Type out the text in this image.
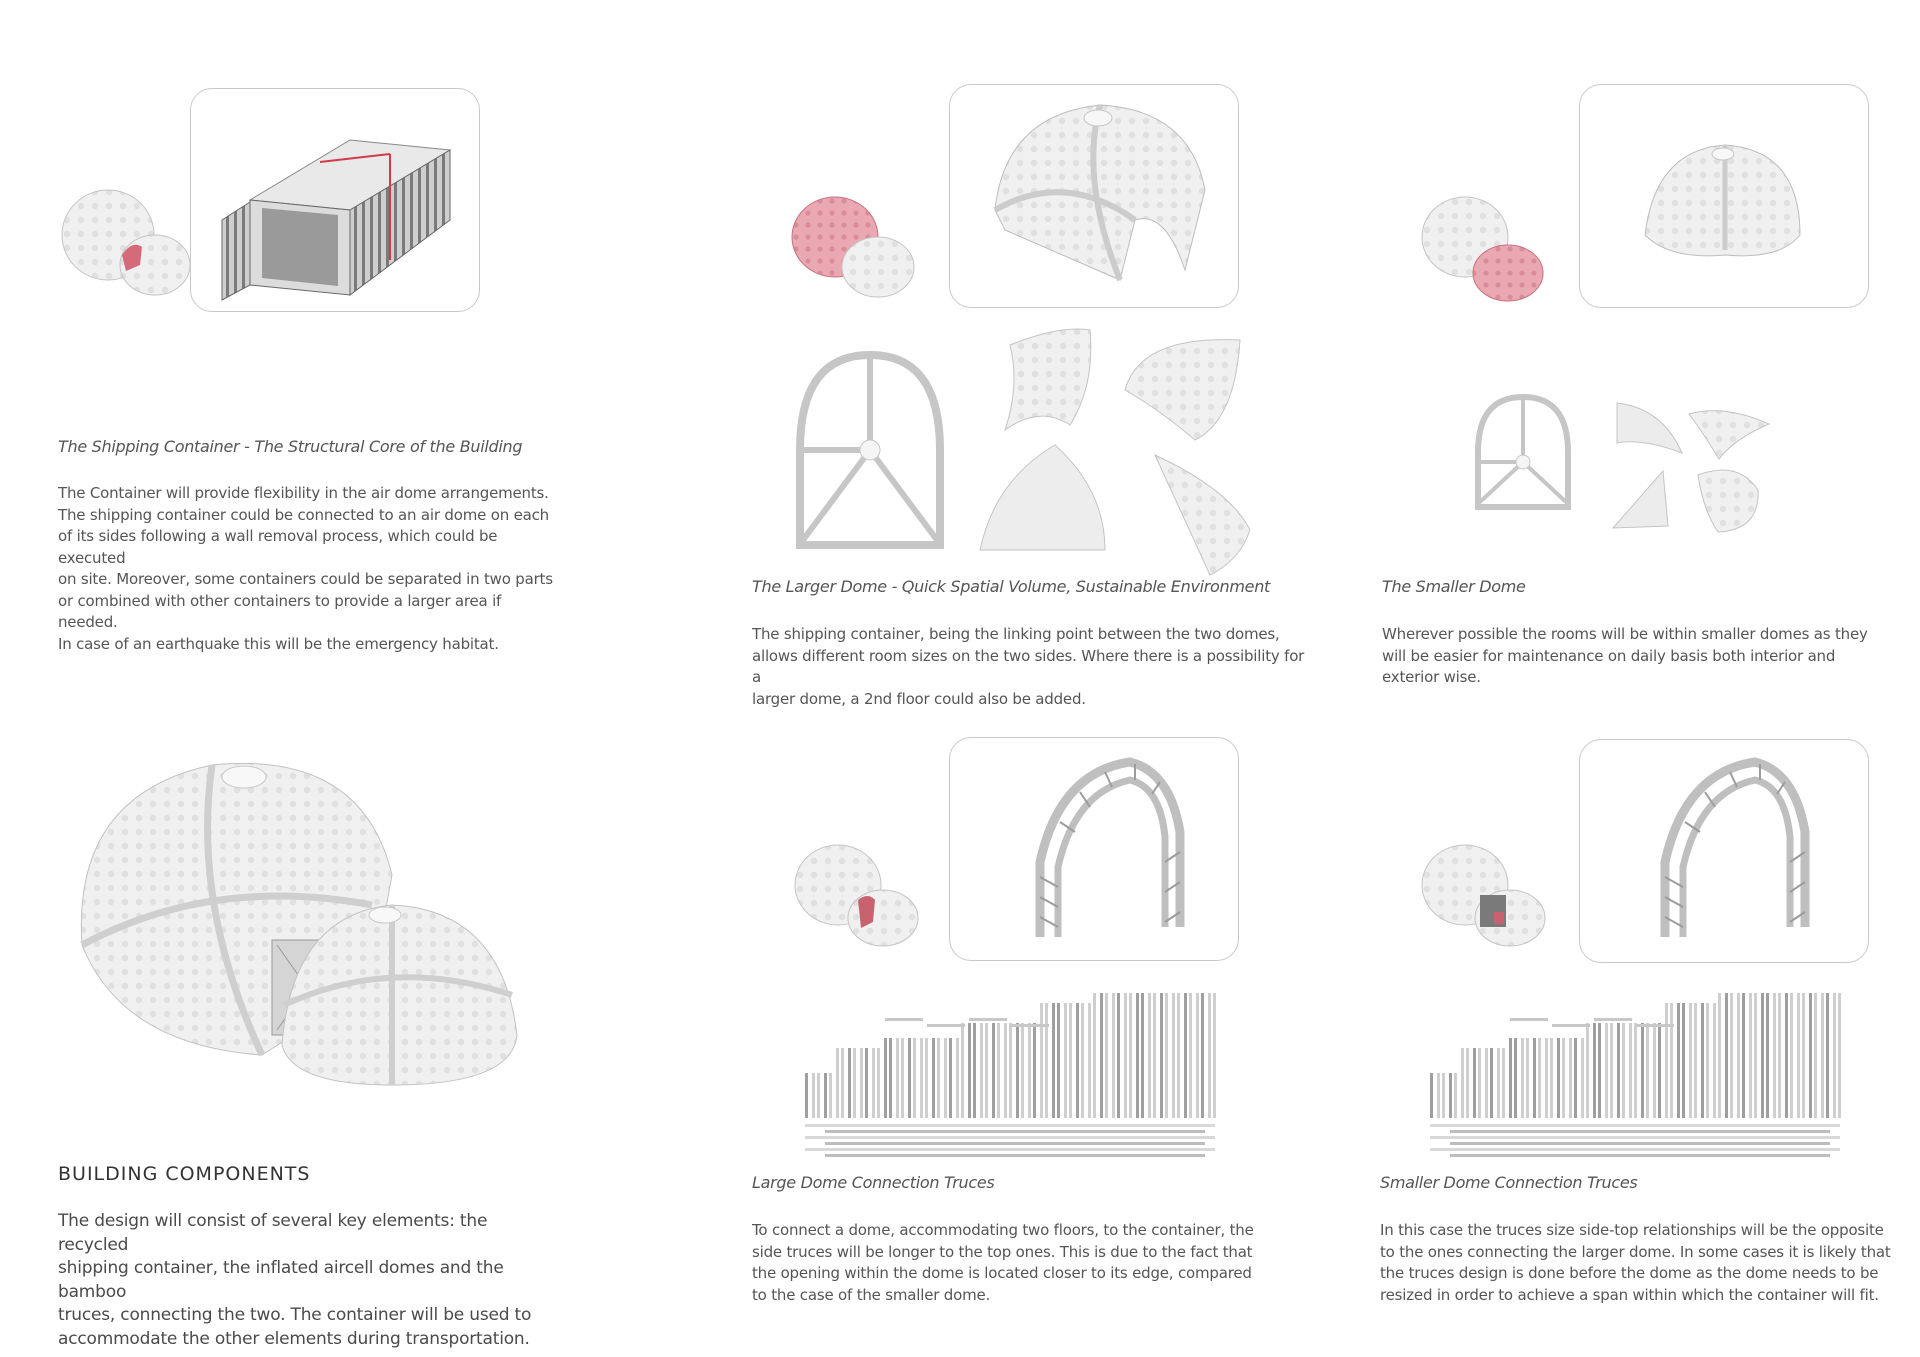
The Shipping Container - The Structural Core of the Building
The Container will provide flexibility in the air dome arrangements.
The shipping container could be connected to an air dome on each
of its sides following a wall removal process, which could be executed
on site. Moreover, some containers could be separated in two parts
or combined with other containers to provide a larger area if needed.
In case of an earthquake this will be the emergency habitat.
The Larger Dome - Quick Spatial Volume, Sustainable Environment
The shipping container, being the linking point between the two domes,
allows different room sizes on the two sides. Where there is a possibility for a
larger dome, a 2nd floor could also be added.
The Smaller Dome
Wherever possible the rooms will be within smaller domes as they
will be easier for maintenance on daily basis both interior and
exterior wise.
BUILDING COMPONENTS
The design will consist of several key elements: the recycled
shipping container, the inflated aircell domes and the bamboo
truces, connecting the two. The container will be used to
accommodate the other elements during transportation.
Large Dome Connection Truces
To connect a dome, accommodating two floors, to the container, the
side truces will be longer to the top ones. This is due to the fact that
the opening within the dome is located closer to its edge, compared
to the case of the smaller dome.
Smaller Dome Connection Truces
In this case the truces size side-top relationships will be the opposite
to the ones connecting the larger dome. In some cases it is likely that
the truces design is done before the dome as the dome needs to be
resized in order to achieve a span within which the container will fit.
